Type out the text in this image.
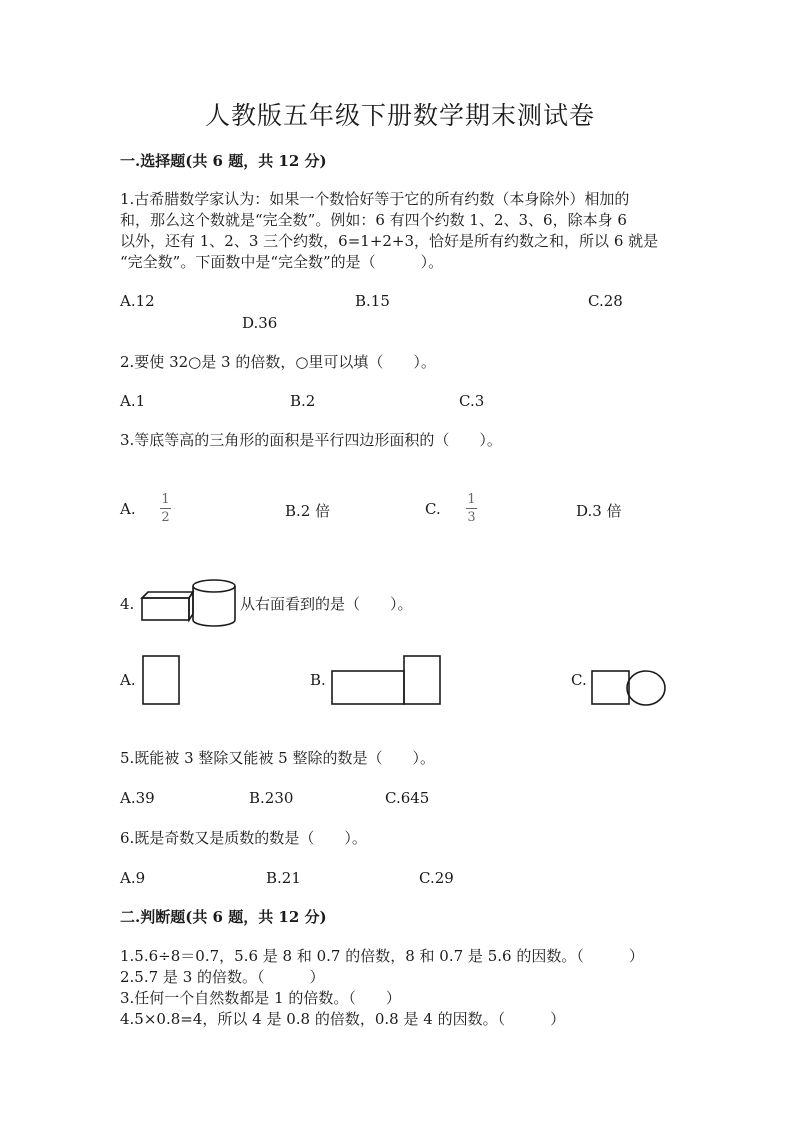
人教版五年级下册数学期末测试卷
一.选择题(共 6 题，共 12 分)
1.古希腊数学家认为：如果一个数恰好等于它的所有约数（本身除外）相加的
和，那么这个数就是“完全数”。例如：6 有四个约数 1、2、3、6，除本身 6
以外，还有 1、2、3 三个约数，6=1+2+3，恰好是所有约数之和，所以 6 就是
“完全数”。下面数中是“完全数”的是（　　　）。
A.12	B.15	C.28
D.36
2.要使 32○是 3 的倍数，○里可以填（　　）。
A.1	B.2	C.3
3.等底等高的三角形的面积是平行四边形面积的（　　）。
A.
1
2	B.2 倍	C.
1
3	D.3 倍
4.	从右面看到的是（　　）。
A.	B.	C.
5.既能被 3 整除又能被 5 整除的数是（　　）。
A.39	B.230	C.645
6.既是奇数又是质数的数是（　　）。
A.9	B.21	C.29
二.判断题(共 6 题，共 12 分)
1.5.6÷8＝0.7，5.6 是 8 和 0.7 的倍数，8 和 0.7 是 5.6 的因数。（　　　）
2.5.7 是 3 的倍数。（　　　）
3.任何一个自然数都是 1 的倍数。（　　）
4.5×0.8=4，所以 4 是 0.8 的倍数，0.8 是 4 的因数。（　　　）
